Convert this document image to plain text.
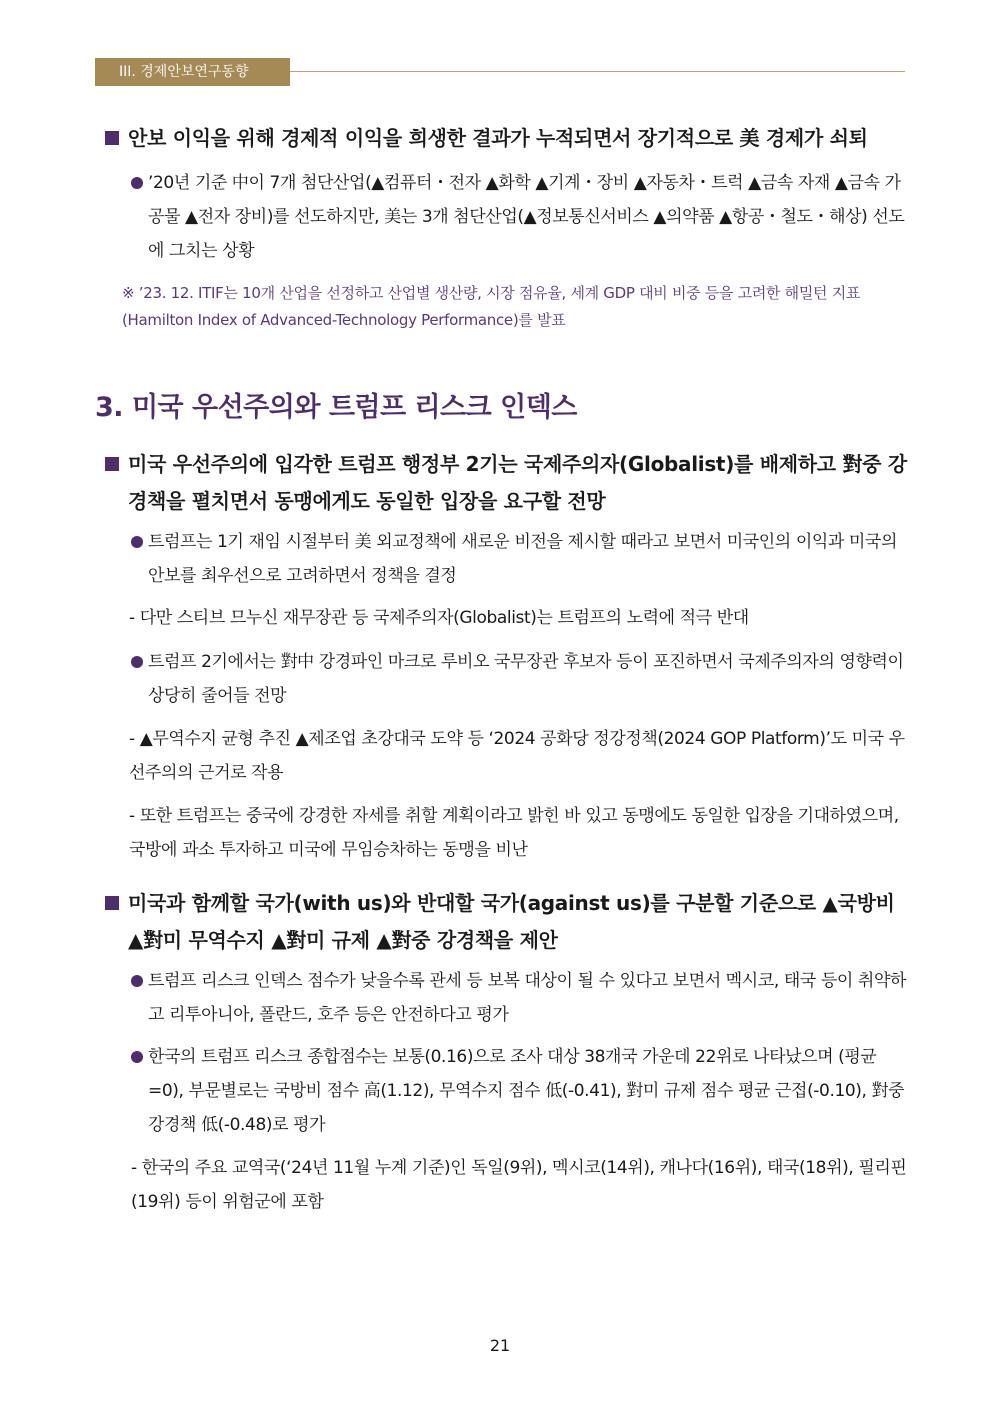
III. 경제안보연구동향
안보 이익을 위해 경제적 이익을 희생한 결과가 누적되면서 장기적으로 美 경제가 쇠퇴
’20년 기준 中이 7개 첨단산업(▲컴퓨터・전자 ▲화학 ▲기계・장비 ▲자동차・트럭 ▲금속 자재 ▲금속 가공물 ▲전자 장비)를 선도하지만, 美는 3개 첨단산업(▲정보통신서비스 ▲의약품 ▲항공・철도・해상) 선도에 그치는 상황
※ ’23. 12. ITIF는 10개 산업을 선정하고 산업별 생산량, 시장 점유율, 세계 GDP 대비 비중 등을 고려한 해밀턴 지표 (Hamilton Index of Advanced-Technology Performance)를 발표
3. 미국 우선주의와 트럼프 리스크 인덱스
미국 우선주의에 입각한 트럼프 행정부 2기는 국제주의자(Globalist)를 배제하고 對중 강경책을 펼치면서 동맹에게도 동일한 입장을 요구할 전망
트럼프는 1기 재임 시절부터 美 외교정책에 새로운 비전을 제시할 때라고 보면서 미국인의 이익과 미국의 안보를 최우선으로 고려하면서 정책을 결정
- 다만 스티브 므누신 재무장관 등 국제주의자(Globalist)는 트럼프의 노력에 적극 반대
트럼프 2기에서는 對中 강경파인 마크로 루비오 국무장관 후보자 등이 포진하면서 국제주의자의 영향력이 상당히 줄어들 전망
- ▲무역수지 균형 추진 ▲제조업 초강대국 도약 등 ‘2024 공화당 정강정책(2024 GOP Platform)’도 미국 우선주의의 근거로 작용
- 또한 트럼프는 중국에 강경한 자세를 취할 계획이라고 밝힌 바 있고 동맹에도 동일한 입장을 기대하였으며, 국방에 과소 투자하고 미국에 무임승차하는 동맹을 비난
미국과 함께할 국가(with us)와 반대할 국가(against us)를 구분할 기준으로 ▲국방비 ▲對미 무역수지 ▲對미 규제 ▲對중 강경책을 제안
트럼프 리스크 인덱스 점수가 낮을수록 관세 등 보복 대상이 될 수 있다고 보면서 멕시코, 태국 등이 취약하고 리투아니아, 폴란드, 호주 등은 안전하다고 평가
한국의 트럼프 리스크 종합점수는 보통(0.16)으로 조사 대상 38개국 가운데 22위로 나타났으며 (평균=0), 부문별로는 국방비 점수 高(1.12), 무역수지 점수 低(-0.41), 對미 규제 점수 평균 근접(-0.10), 對중 강경책 低(-0.48)로 평가
- 한국의 주요 교역국(‘24년 11월 누계 기준)인 독일(9위), 멕시코(14위), 캐나다(16위), 태국(18위), 필리핀(19위) 등이 위험군에 포함
21
